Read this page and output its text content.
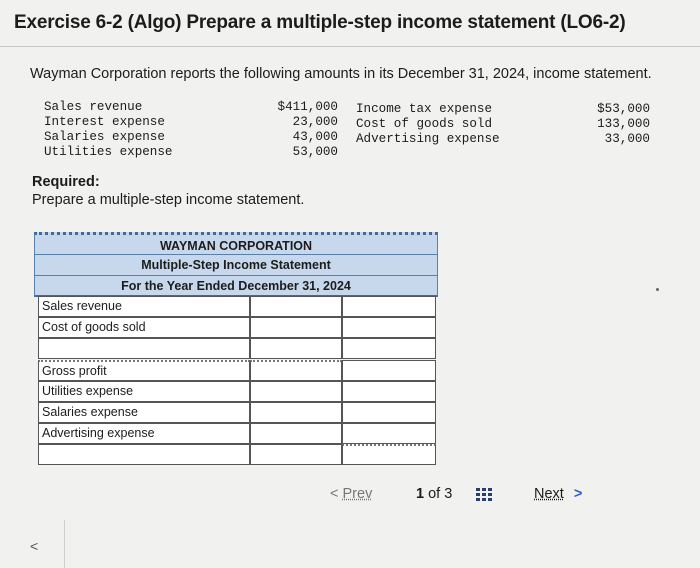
Exercise 6-2 (Algo) Prepare a multiple-step income statement (LO6-2)
Wayman Corporation reports the following amounts in its December 31, 2024, income statement.
Sales revenue
Interest expense
Salaries expense
Utilities expense
$411,000
23,000
43,000
53,000
Income tax expense
Cost of goods sold
Advertising expense
$53,000
133,000
33,000
Required:
Prepare a multiple-step income statement.
WAYMAN CORPORATION
Multiple-Step Income Statement
For the Year Ended December 31, 2024
Sales revenue
Cost of goods sold
Gross profit
Utilities expense
Salaries expense
Advertising expense
< Prev	1 of 3	Next >
<
